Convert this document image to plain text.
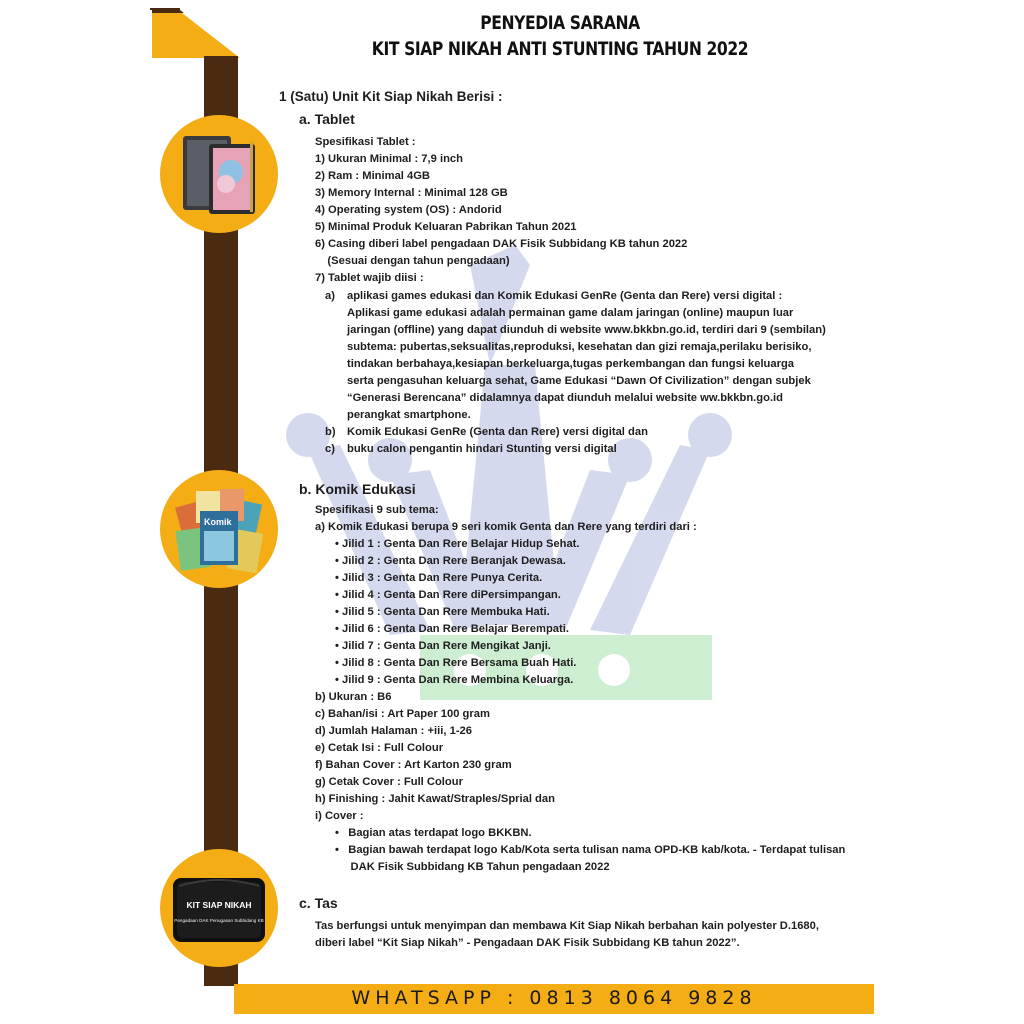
Komik
KIT SIAP NIKAH
Pengadaan DAK Penugasan Subbidang KB
PENYEDIA SARANA
KIT SIAP NIKAH ANTI STUNTING TAHUN 2022
1 (Satu) Unit Kit Siap Nikah Berisi :
a. Tablet
Spesifikasi Tablet :
1) Ukuran Minimal : 7,9 inch
2) Ram : Minimal 4GB
3) Memory Internal : Minimal 128 GB
4) Operating system (OS) : Andorid
5) Minimal Produk Keluaran Pabrikan Tahun 2021
6) Casing diberi label pengadaan DAK Fisik Subbidang KB tahun 2022
(Sesuai dengan tahun pengadaan)
7) Tablet wajib diisi :
a) aplikasi games edukasi dan Komik Edukasi GenRe (Genta dan Rere) versi digital :
Aplikasi game edukasi adalah permainan game dalam jaringan (online) maupun luar
jaringan (offline) yang dapat diunduh di website www.bkkbn.go.id, terdiri dari 9 (sembilan)
subtema: pubertas,seksualitas,reproduksi, kesehatan dan gizi remaja,perilaku berisiko,
tindakan berbahaya,kesiapan berkeluarga,tugas perkembangan dan fungsi keluarga
serta pengasuhan keluarga sehat, Game Edukasi “Dawn Of Civilization” dengan subjek
“Generasi Berencana” didalamnya dapat diunduh melalui website ww.bkkbn.go.id
perangkat smartphone.
b) Komik Edukasi GenRe (Genta dan Rere) versi digital dan
c) buku calon pengantin hindari Stunting versi digital
b. Komik Edukasi
Spesifikasi 9 sub tema:
a) Komik Edukasi berupa 9 seri komik Genta dan Rere yang terdiri dari :
• Jilid 1 : Genta Dan Rere Belajar Hidup Sehat.
• Jilid 2 : Genta Dan Rere Beranjak Dewasa.
• Jilid 3 : Genta Dan Rere Punya Cerita.
• Jilid 4 : Genta Dan Rere diPersimpangan.
• Jilid 5 : Genta Dan Rere Membuka Hati.
• Jilid 6 : Genta Dan Rere Belajar Berempati.
• Jilid 7 : Genta Dan Rere Mengikat Janji.
• Jilid 8 : Genta Dan Rere Bersama Buah Hati.
• Jilid 9 : Genta Dan Rere Membina Keluarga.
b) Ukuran : B6
c) Bahan/isi : Art Paper 100 gram
d) Jumlah Halaman : +iii, 1-26
e) Cetak Isi : Full Colour
f) Bahan Cover : Art Karton 230 gram
g) Cetak Cover : Full Colour
h) Finishing : Jahit Kawat/Straples/Sprial dan
i) Cover :
•   Bagian atas terdapat logo BKKBN.
•   Bagian bawah terdapat logo Kab/Kota serta tulisan nama OPD-KB kab/kota. - Terdapat tulisan
DAK Fisik Subbidang KB Tahun pengadaan 2022
c. Tas
Tas berfungsi untuk menyimpan dan membawa Kit Siap Nikah berbahan kain polyester D.1680,
diberi label “Kit Siap Nikah” - Pengadaan DAK Fisik Subbidang KB tahun 2022”.
WHATSAPP : 0813 8064 9828
